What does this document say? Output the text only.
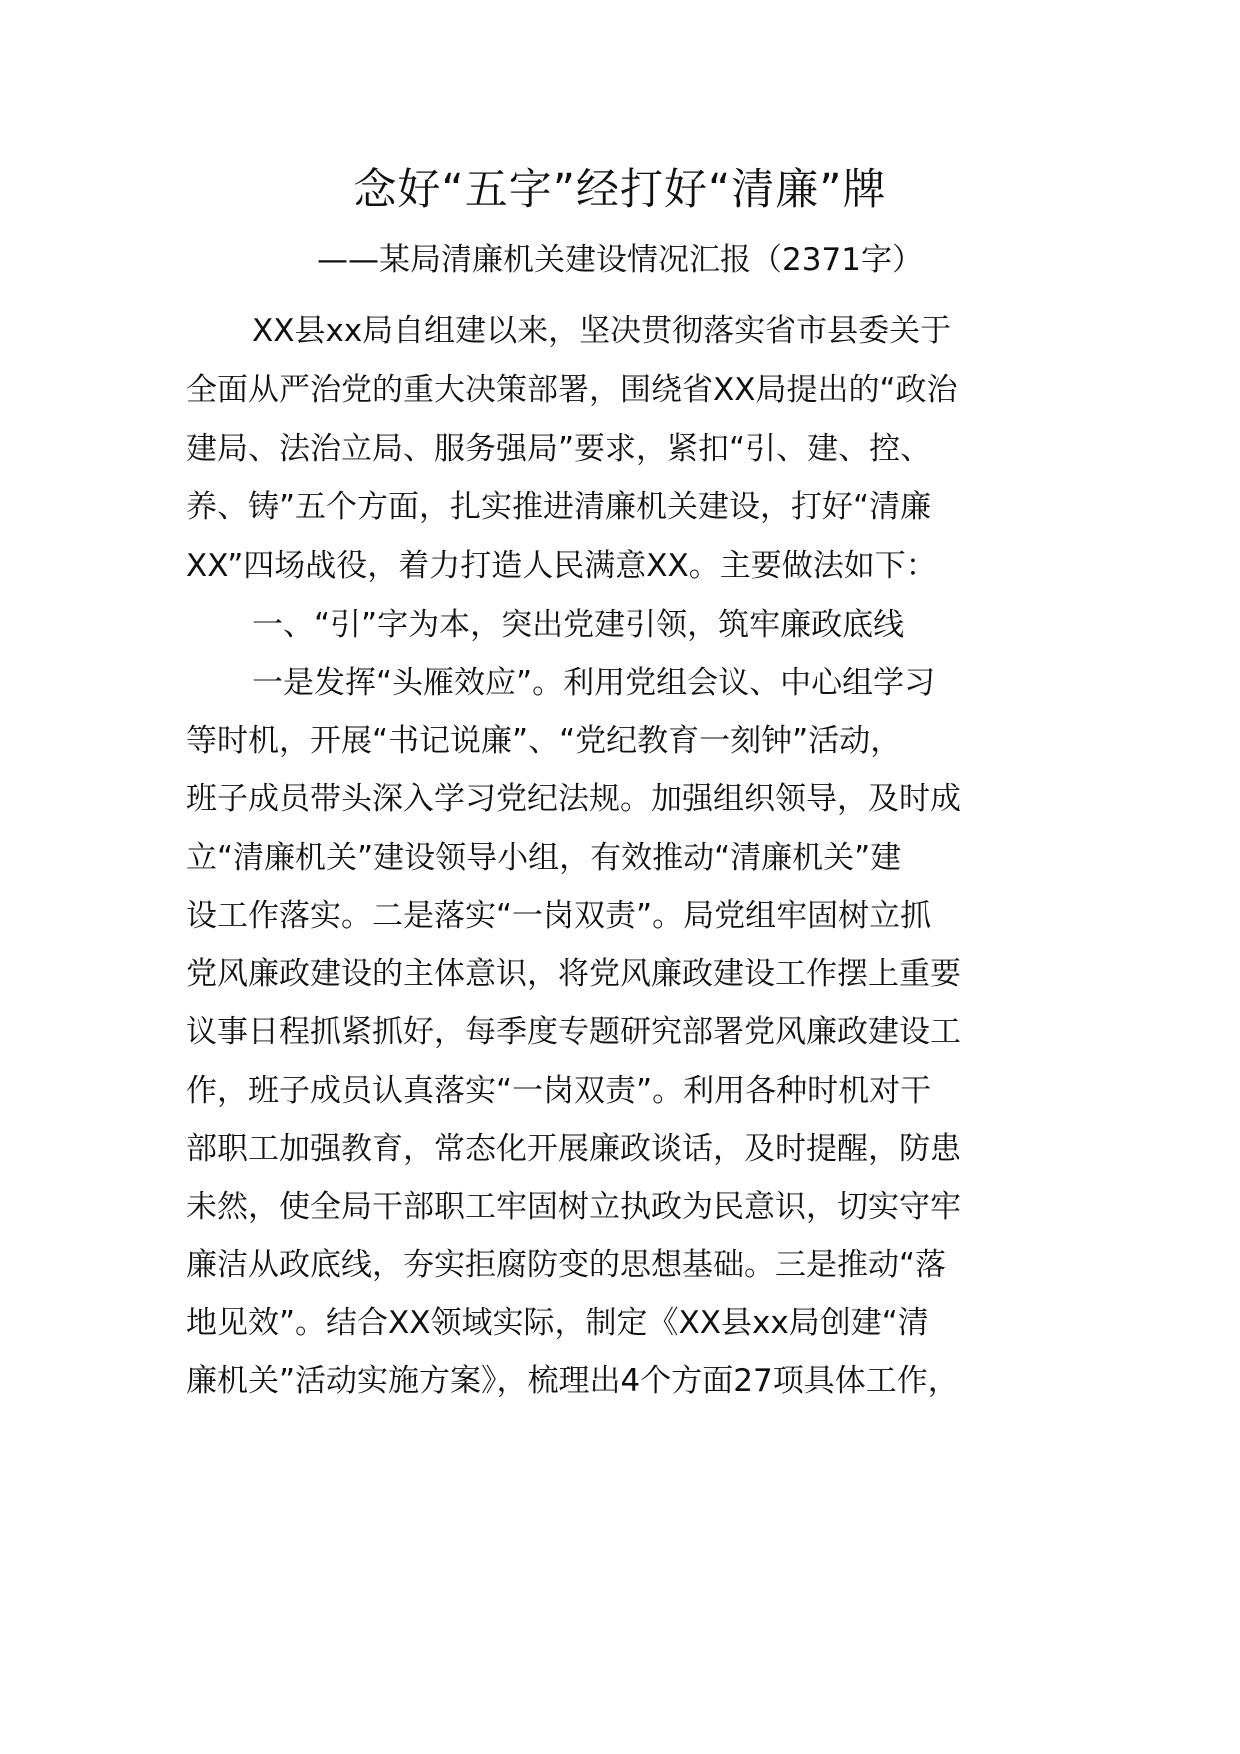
念好“五字”经打好“清廉”牌
——某局清廉机关建设情况汇报（2371字）

XX县xx局自组建以来，坚决贯彻落实省市县委关于

全面从严治党的重大决策部署，围绕省XX局提出的“政治

建局、法治立局、服务强局”要求，紧扣“引、建、控、

养、铸”五个方面，扎实推进清廉机关建设，打好“清廉

XX”四场战役，着力打造人民满意XX。主要做法如下：

一、“引”字为本，突出党建引领，筑牢廉政底线

一是发挥“头雁效应”。利用党组会议、中心组学习

等时机，开展“书记说廉”、“党纪教育一刻钟”活动，

班子成员带头深入学习党纪法规。加强组织领导，及时成

立“清廉机关”建设领导小组，有效推动“清廉机关”建

设工作落实。二是落实“一岗双责”。局党组牢固树立抓

党风廉政建设的主体意识，将党风廉政建设工作摆上重要

议事日程抓紧抓好，每季度专题研究部署党风廉政建设工

作，班子成员认真落实“一岗双责”。利用各种时机对干

部职工加强教育，常态化开展廉政谈话，及时提醒，防患

未然，使全局干部职工牢固树立执政为民意识，切实守牢

廉洁从政底线，夯实拒腐防变的思想基础。三是推动“落

地见效”。结合XX领域实际，制定《XX县xx局创建“清

廉机关”活动实施方案》，梳理出4个方面27项具体工作，
